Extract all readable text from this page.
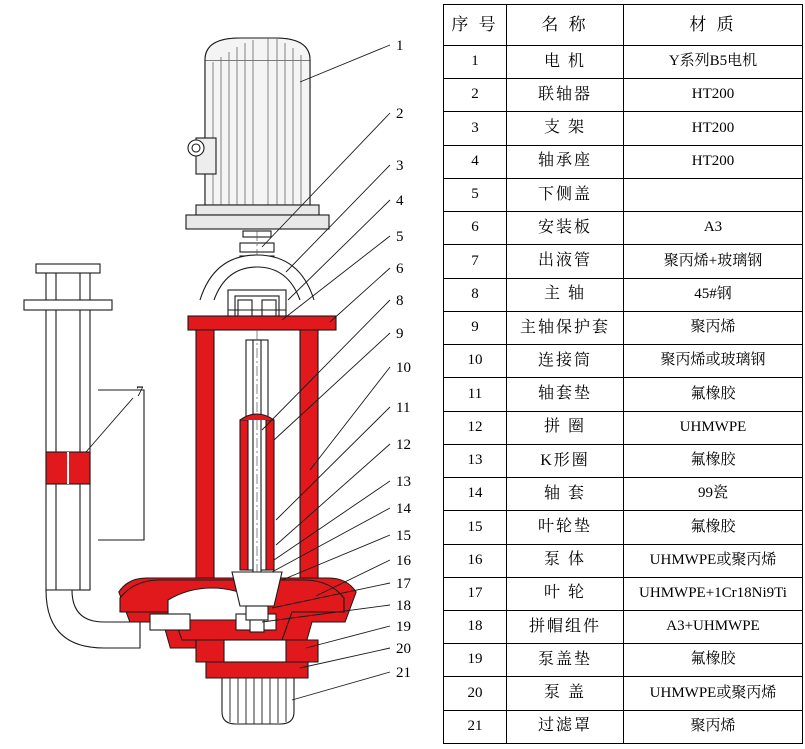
1
2
3
4
5
6
7
8
9
10
11
12
13
14
15
16
17
18
19
20
21
序 号	名 称	材 质
1	电 机	Y系列B5电机
2	联轴器	HT200
3	支 架	HT200
4	轴承座	HT200
5	下侧盖	
6	安装板	A3
7	出液管	聚丙烯+玻璃钢
8	主 轴	45#钢
9	主轴保护套	聚丙烯
10	连接筒	聚丙烯或玻璃钢
11	轴套垫	氟橡胶
12	拼 圈	UHMWPE
13	K形圈	氟橡胶
14	轴 套	99瓷
15	叶轮垫	氟橡胶
16	泵 体	UHMWPE或聚丙烯
17	叶 轮	UHMWPE+1Cr18Ni9Ti
18	拼帽组件	A3+UHMWPE
19	泵盖垫	氟橡胶
20	泵 盖	UHMWPE或聚丙烯
21	过滤罩	聚丙烯
